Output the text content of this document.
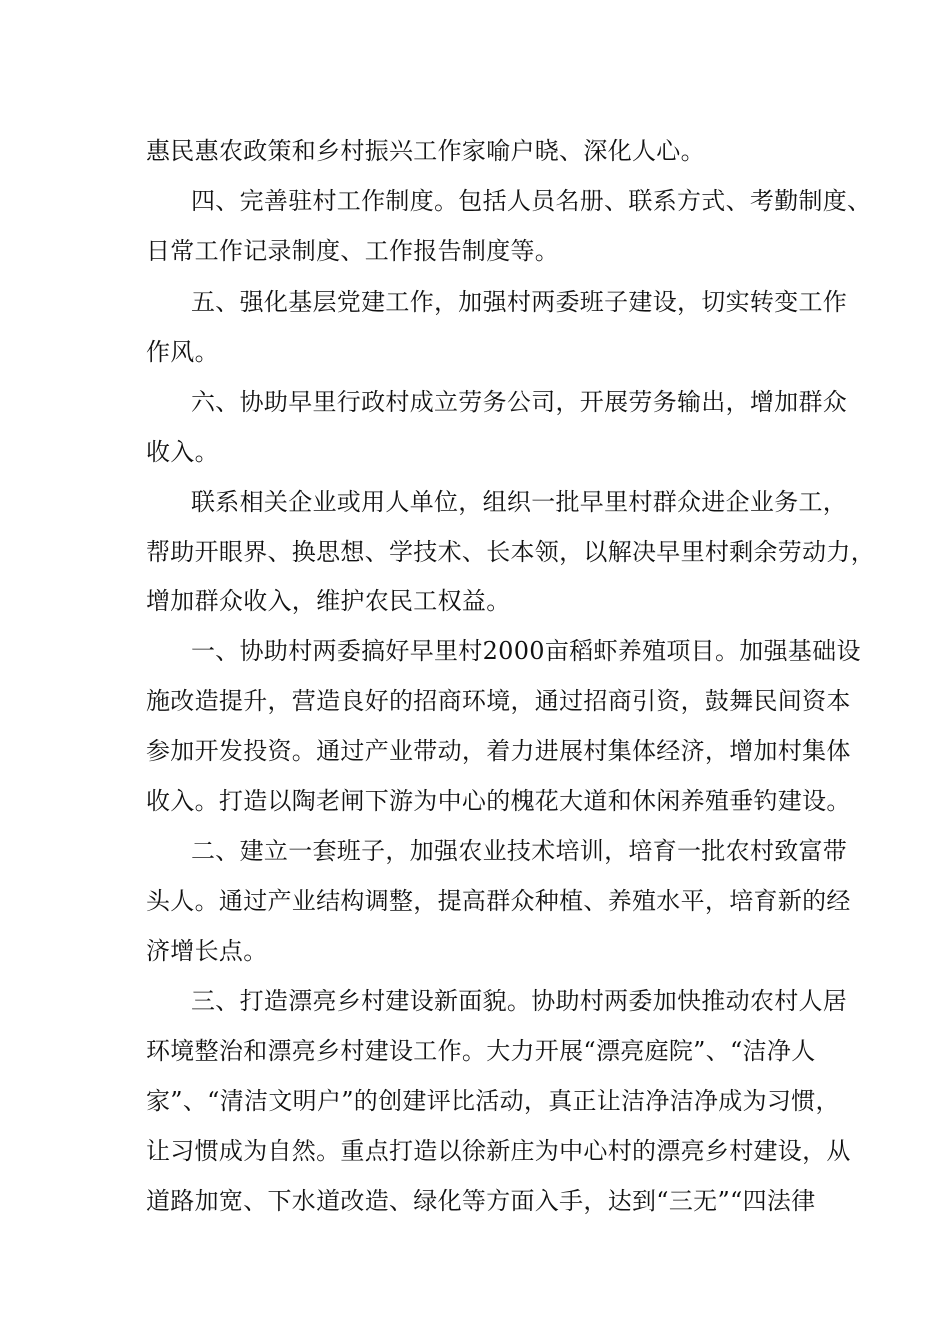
惠民惠农政策和乡村振兴工作家喻户晓、深化人心。
四、完善驻村工作制度。包括人员名册、联系方式、考勤制度、
日常工作记录制度、工作报告制度等。
五、强化基层党建工作，加强村两委班子建设，切实转变工作
作风。
六、协助早里行政村成立劳务公司，开展劳务输出，增加群众
收入。
联系相关企业或用人单位，组织一批早里村群众进企业务工，
帮助开眼界、换思想、学技术、长本领，以解决早里村剩余劳动力，
增加群众收入，维护农民工权益。
一、协助村两委搞好早里村2000亩稻虾养殖项目。加强基础设
施改造提升，营造良好的招商环境，通过招商引资，鼓舞民间资本
参加开发投资。通过产业带动，着力进展村集体经济，增加村集体
收入。打造以陶老闸下游为中心的槐花大道和休闲养殖垂钓建设。
二、建立一套班子，加强农业技术培训，培育一批农村致富带
头人。通过产业结构调整，提高群众种植、养殖水平，培育新的经
济增长点。
三、打造漂亮乡村建设新面貌。协助村两委加快推动农村人居
环境整治和漂亮乡村建设工作。大力开展“漂亮庭院”、“洁净人
家”、“清洁文明户”的创建评比活动，真正让洁净洁净成为习惯，
让习惯成为自然。重点打造以徐新庄为中心村的漂亮乡村建设，从
道路加宽、下水道改造、绿化等方面入手，达到“三无”“四法律
